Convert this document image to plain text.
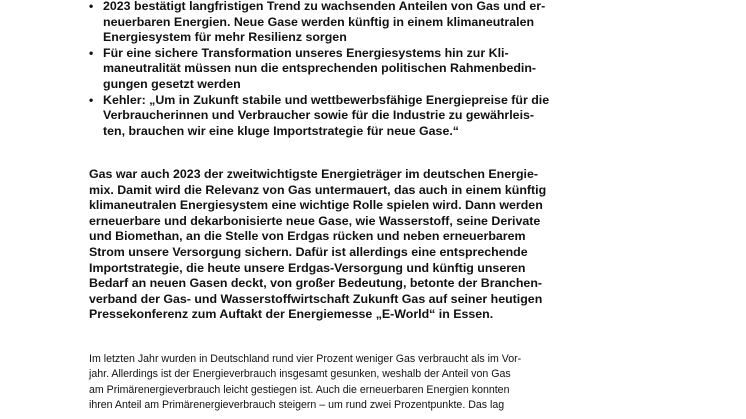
• 2023 bestätigt langfristigen Trend zu wachsenden Anteilen von Gas und er-
neuerbaren Energien. Neue Gase werden künftig in einem klimaneutralen
Energiesystem für mehr Resilienz sorgen
• Für eine sichere Transformation unseres Energiesystems hin zur Kli-
maneutralität müssen nun die entsprechenden politischen Rahmenbedin-
gungen gesetzt werden
• Kehler: „Um in Zukunft stabile und wettbewerbsfähige Energiepreise für die
Verbraucherinnen und Verbraucher sowie für die Industrie zu gewährleis-
ten, brauchen wir eine kluge Importstrategie für neue Gase.“

Gas war auch 2023 der zweitwichtigste Energieträger im deutschen Energie-
mix. Damit wird die Relevanz von Gas untermauert, das auch in einem künftig
klimaneutralen Energiesystem eine wichtige Rolle spielen wird. Dann werden
erneuerbare und dekarbonisierte neue Gase, wie Wasserstoff, seine Derivate
und Biomethan, an die Stelle von Erdgas rücken und neben erneuerbarem
Strom unsere Versorgung sichern. Dafür ist allerdings eine entsprechende
Importstrategie, die heute unsere Erdgas-Versorgung und künftig unseren
Bedarf an neuen Gasen deckt, von großer Bedeutung, betonte der Branchen-
verband der Gas- und Wasserstoffwirtschaft Zukunft Gas auf seiner heutigen
Pressekonferenz zum Auftakt der Energiemesse „E-World“ in Essen.

Im letzten Jahr wurden in Deutschland rund vier Prozent weniger Gas verbraucht als im Vor-
jahr. Allerdings ist der Energieverbrauch insgesamt gesunken, weshalb der Anteil von Gas
am Primärenergieverbrauch leicht gestiegen ist. Auch die erneuerbaren Energien konnten
ihren Anteil am Primärenergieverbrauch steigern – um rund zwei Prozentpunkte. Das lag
